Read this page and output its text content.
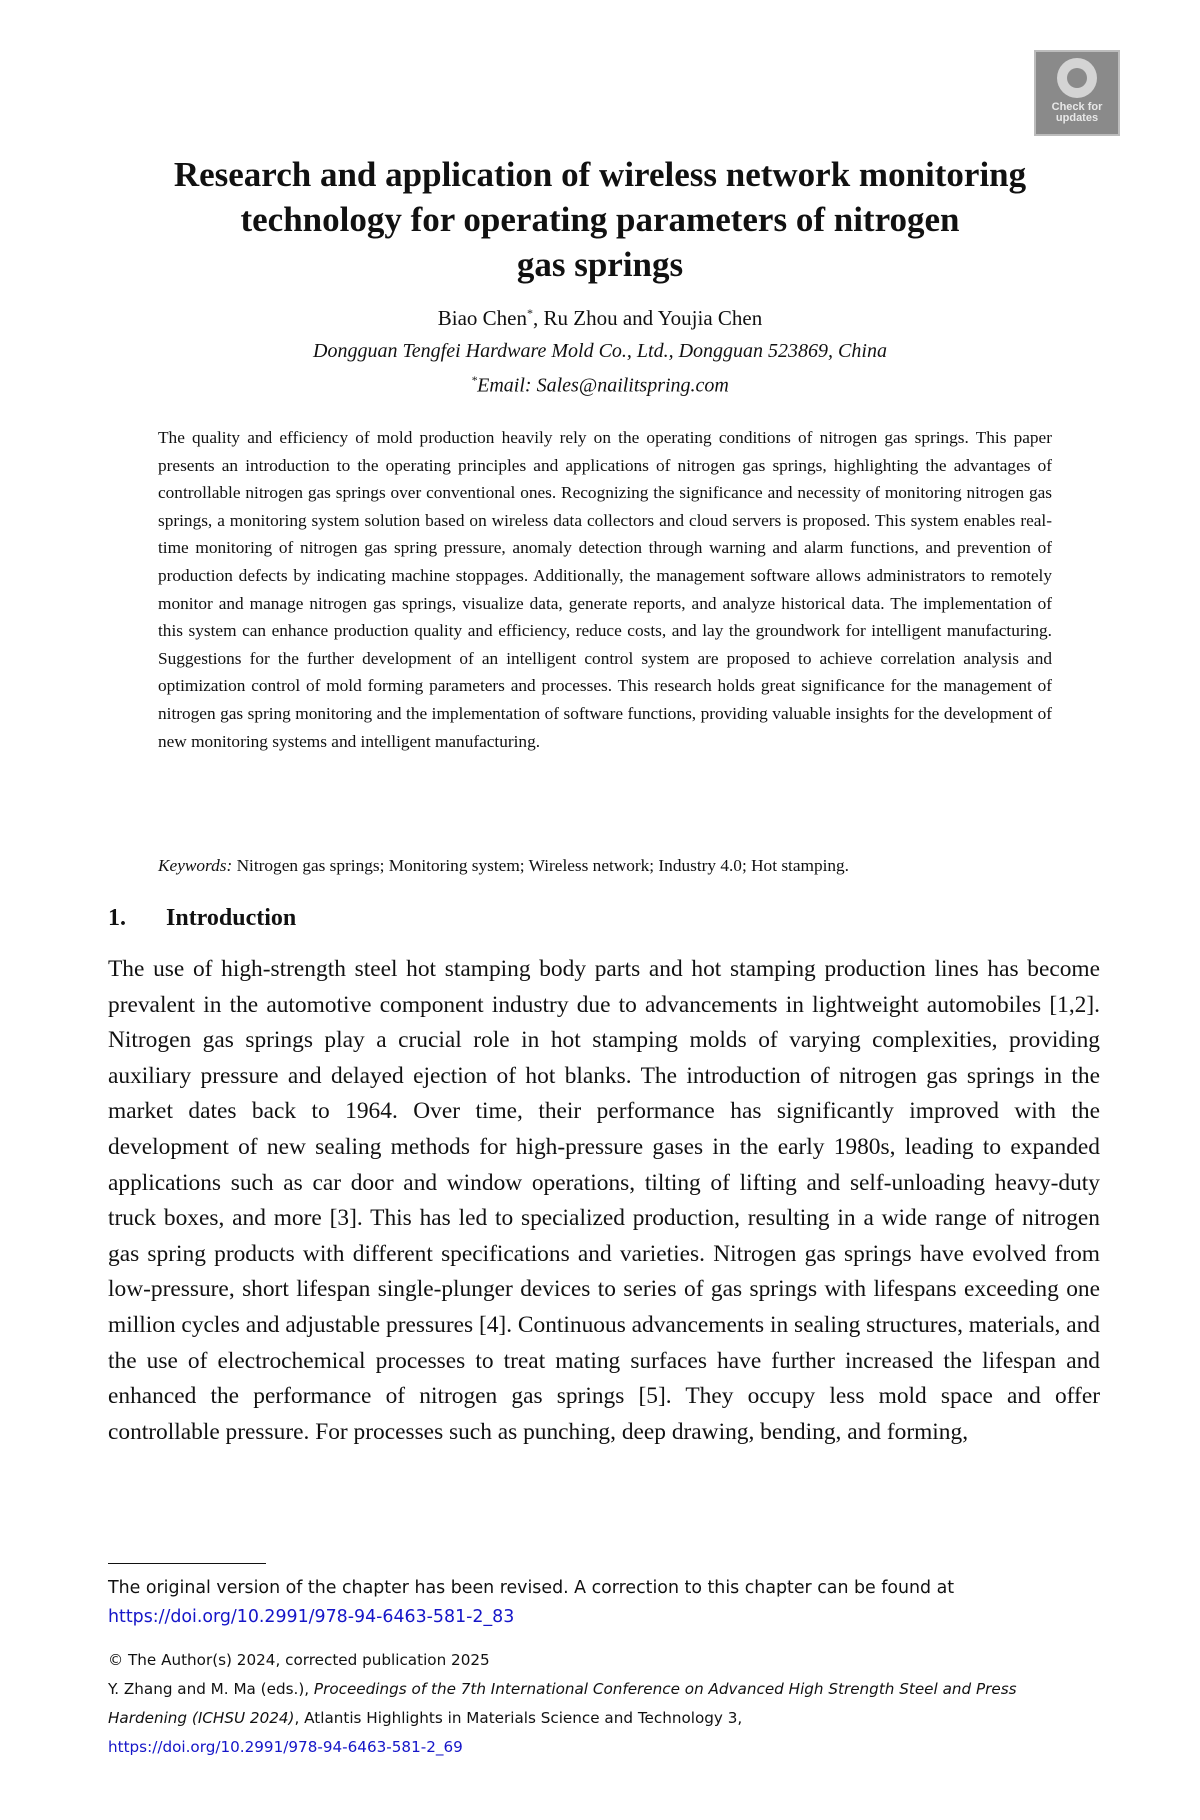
Check for updates
Research and application of wireless network monitoring
technology for operating parameters of nitrogen
gas springs
Biao Chen*, Ru Zhou and Youjia Chen
Dongguan Tengfei Hardware Mold Co., Ltd., Dongguan 523869, China
*Email: Sales@nailitspring.com
The quality and efficiency of mold production heavily rely on the operating conditions of nitrogen gas springs. This paper presents an introduction to the operating principles and applications of nitrogen gas springs, highlighting the advantages of controllable nitrogen gas springs over conventional ones. Recognizing the significance and necessity of monitoring nitrogen gas springs, a monitoring system solution based on wireless data collectors and cloud servers is proposed. This system enables real-time monitoring of nitrogen gas spring pressure, anomaly detection through warning and alarm functions, and prevention of production defects by indicating machine stoppages. Additionally, the management software allows administrators to remotely monitor and manage nitrogen gas springs, visualize data, generate reports, and analyze historical data. The implementation of this system can enhance production quality and efficiency, reduce costs, and lay the groundwork for intelligent manufacturing. Suggestions for the further development of an intelligent control system are proposed to achieve correlation analysis and optimization control of mold forming parameters and processes. This research holds great significance for the management of nitrogen gas spring monitoring and the implementation of software functions, providing valuable insights for the development of new monitoring systems and intelligent manufacturing.
Keywords: Nitrogen gas springs; Monitoring system; Wireless network; Industry 4.0; Hot stamping.
1. Introduction
The use of high-strength steel hot stamping body parts and hot stamping production lines has become prevalent in the automotive component industry due to advancements in lightweight automobiles [1,2]. Nitrogen gas springs play a crucial role in hot stamping molds of varying complexities, providing auxiliary pressure and delayed ejection of hot blanks. The introduction of nitrogen gas springs in the market dates back to 1964. Over time, their performance has significantly improved with the development of new sealing methods for high-pressure gases in the early 1980s, leading to expanded applications such as car door and window operations, tilting of lifting and self-unloading heavy-duty truck boxes, and more [3]. This has led to specialized production, resulting in a wide range of nitrogen gas spring products with different specifications and varieties. Nitrogen gas springs have evolved from low-pressure, short lifespan single-plunger devices to series of gas springs with lifespans exceeding one million cycles and adjustable pressures [4]. Continuous advancements in sealing structures, materials, and the use of electrochemical processes to treat mating surfaces have further increased the lifespan and enhanced the performance of nitrogen gas springs [5]. They occupy less mold space and offer controllable pressure. For processes such as punching, deep drawing, bending, and forming,
The original version of the chapter has been revised. A correction to this chapter can be found at
https://doi.org/10.2991/978-94-6463-581-2_83
© The Author(s) 2024, corrected publication 2025
Y. Zhang and M. Ma (eds.), Proceedings of the 7th International Conference on Advanced High Strength Steel and Press Hardening (ICHSU 2024), Atlantis Highlights in Materials Science and Technology 3,
https://doi.org/10.2991/978-94-6463-581-2_69
